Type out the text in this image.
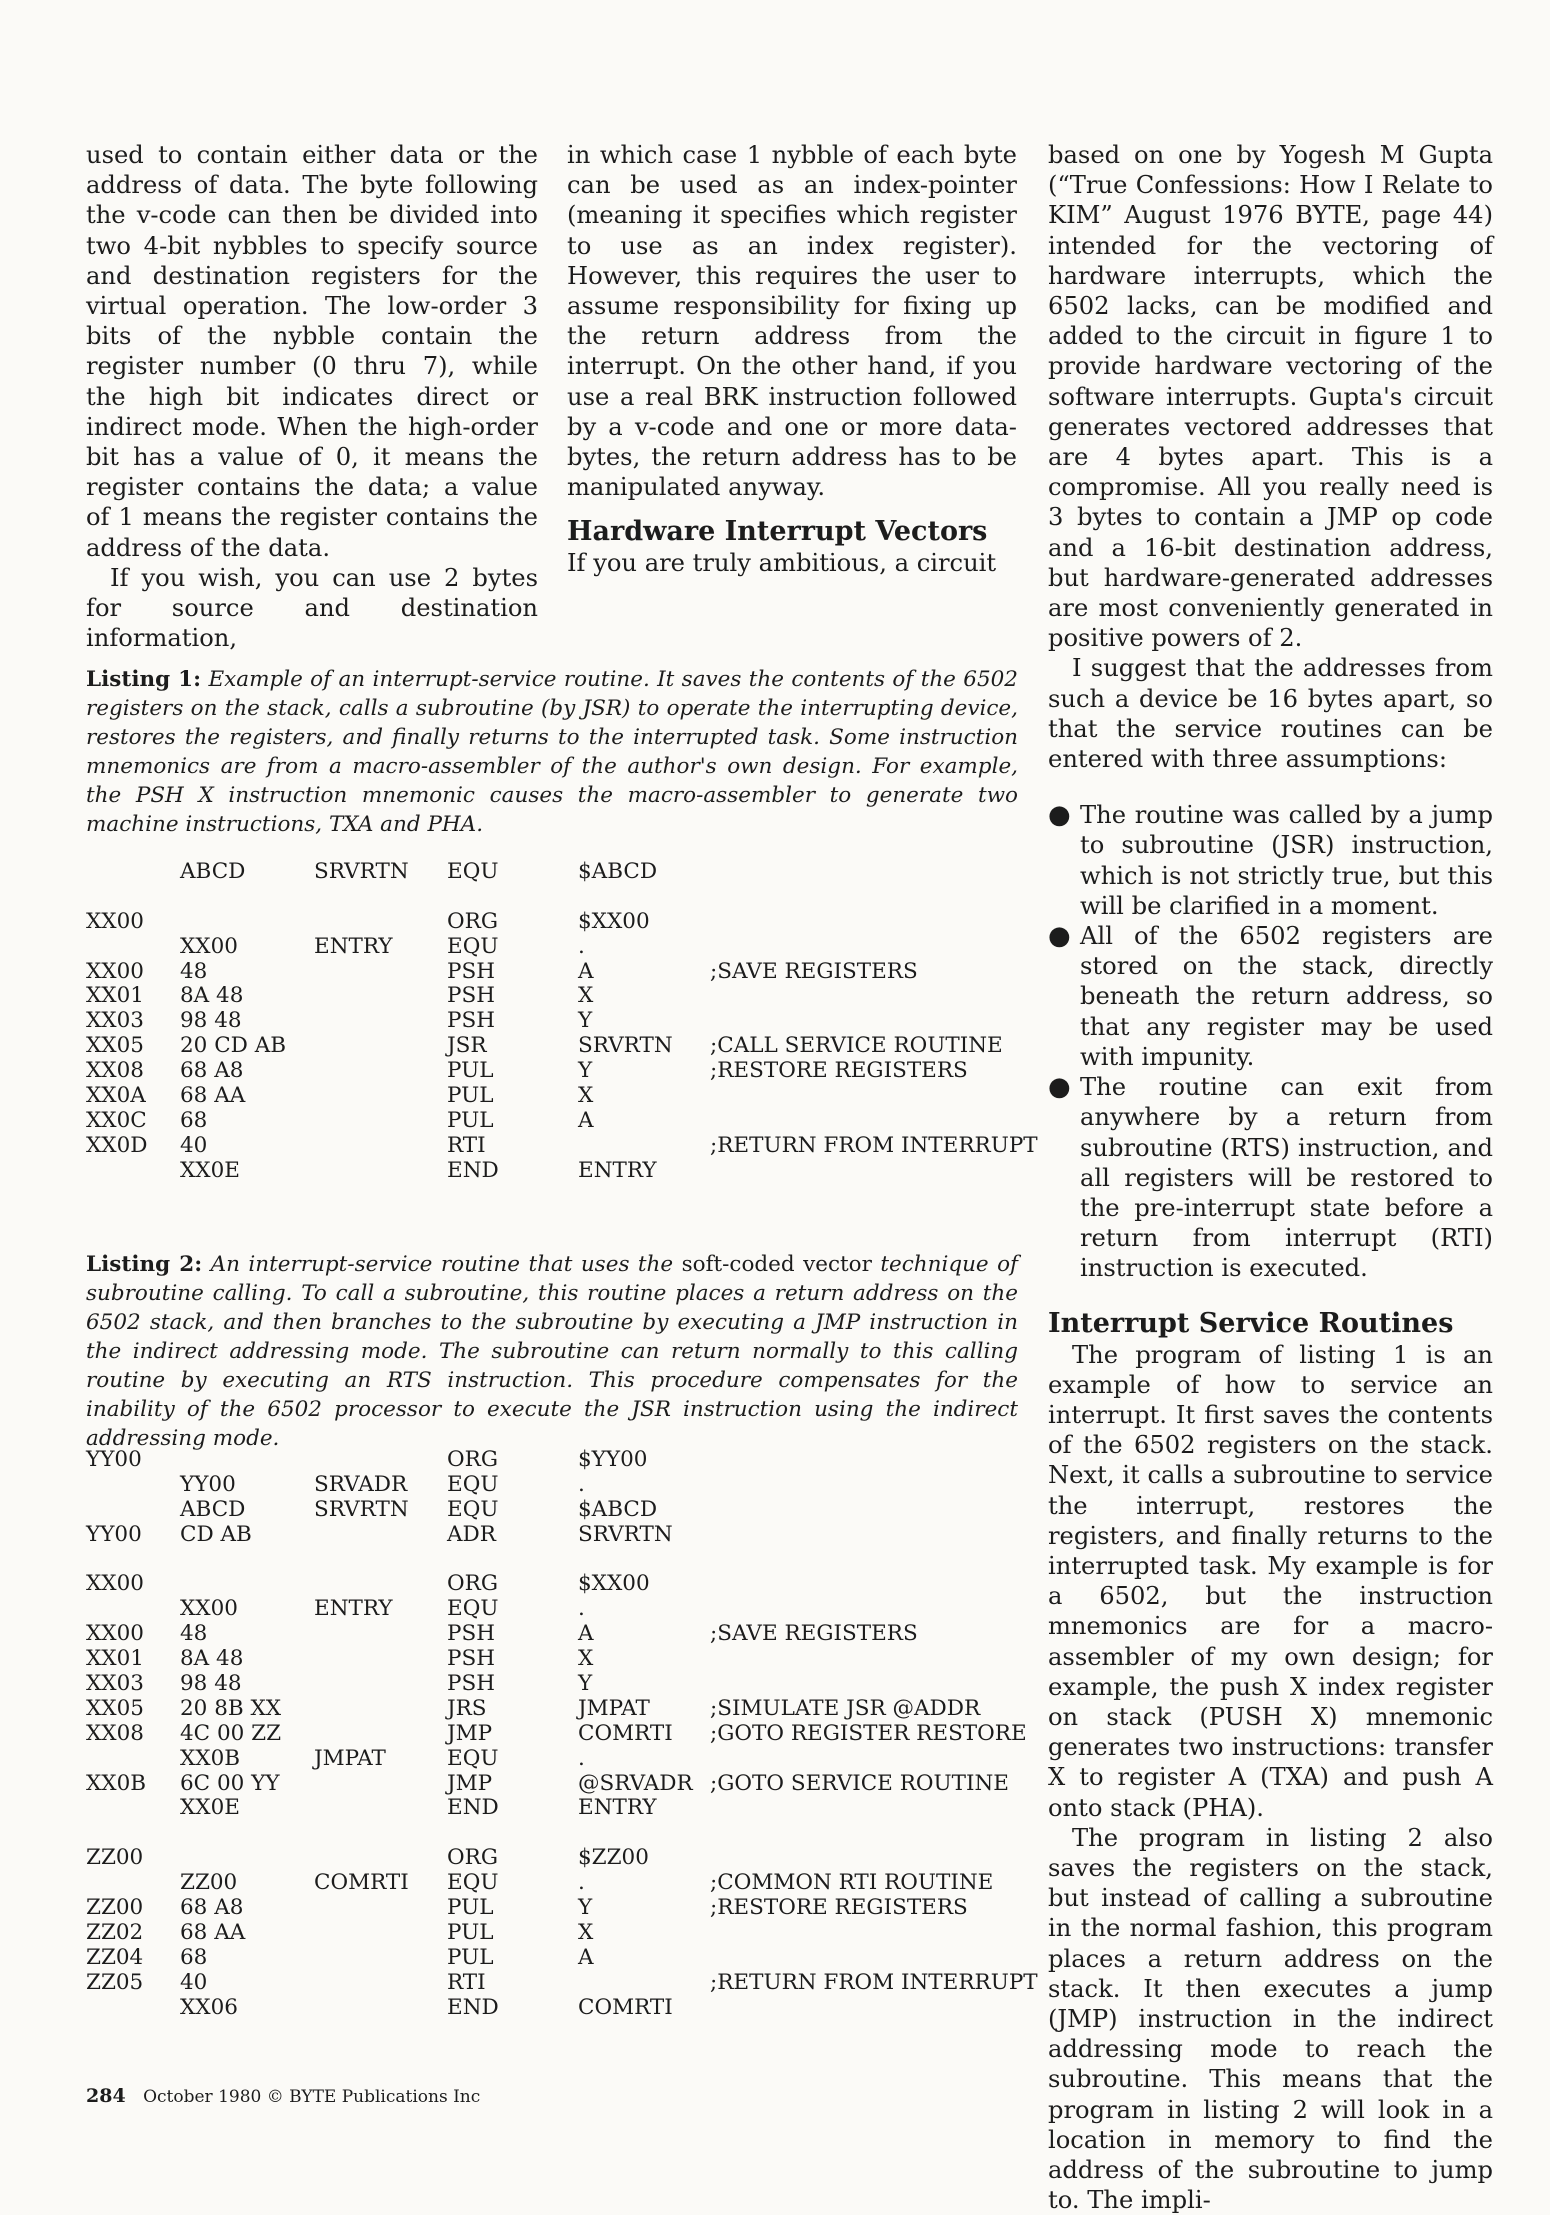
used to contain either data or the address of data. The byte following the v-code can then be divided into two 4-bit nybbles to specify source and destination registers for the virtual operation. The low-order 3 bits of the nybble contain the register number (0 thru 7), while the high bit indicates direct or indirect mode. When the high-order bit has a value of 0, it means the register contains the data; a value of 1 means the register contains the address of the data.

If you wish, you can use 2 bytes for source and destination information,

in which case 1 nybble of each byte can be used as an index-pointer (meaning it specifies which register to use as an index register). However, this requires the user to assume responsibility for fixing up the return address from the interrupt. On the other hand, if you use a real BRK instruction followed by a v-code and one or more data-bytes, the return address has to be manipulated anyway.

Hardware Interrupt Vectors

If you are truly ambitious, a circuit

based on one by Yogesh M Gupta (“True Confessions: How I Relate to KIM” August 1976 BYTE, page 44) intended for the vectoring of hardware interrupts, which the 6502 lacks, can be modified and added to the circuit in figure 1 to provide hardware vectoring of the software interrupts. Gupta's circuit generates vectored addresses that are 4 bytes apart. This is a compromise. All you really need is 3 bytes to contain a JMP op code and a 16-bit destination address, but hardware-generated addresses are most conveniently generated in positive powers of 2.

I suggest that the addresses from such a device be 16 bytes apart, so that the service routines can be entered with three assumptions:

● The routine was called by a jump to subroutine (JSR) instruction, which is not strictly true, but this will be clarified in a moment.
● All of the 6502 registers are stored on the stack, directly beneath the return address, so that any register may be used with impunity.
● The routine can exit from anywhere by a return from subroutine (RTS) instruction, and all registers will be restored to the pre-interrupt state before a return from interrupt (RTI) instruction is executed.
Interrupt Service Routines

The program of listing 1 is an example of how to service an interrupt. It first saves the contents of the 6502 registers on the stack. Next, it calls a subroutine to service the interrupt, restores the registers, and finally returns to the interrupted task. My example is for a 6502, but the instruction mnemonics are for a macro-assembler of my own design; for example, the push X index register on stack (PUSH X) mnemonic generates two instructions: transfer X to register A (TXA) and push A onto stack (PHA).

The program in listing 2 also saves the registers on the stack, but instead of calling a subroutine in the normal fashion, this program places a return address on the stack. It then executes a jump (JMP) instruction in the indirect addressing mode to reach the subroutine. This means that the program in listing 2 will look in a location in memory to find the address of the subroutine to jump to. The impli-

Listing 1: Example of an interrupt-service routine. It saves the contents of the 6502 registers on the stack, calls a subroutine (by JSR) to operate the interrupting device, restores the registers, and finally returns to the interrupted task. Some instruction mnemonics are from a macro-assembler of the author's own design. For example, the PSH X instruction mnemonic causes the macro-assembler to generate two machine instructions, TXA and PHA.
XX00
XX00
XX01
XX03
XX05
XX08
XX0A
XX0C
XX0D
ABCD
XX00
48
8A 48
98 48
20 CD AB
68 A8
68 AA
68
40
XX0E
SRVRTN
ENTRY
EQU
ORG
EQU
PSH
PSH
PSH
JSR
PUL
PUL
PUL
RTI
END
$ABCD
$XX00
.
A
X
Y
SRVRTN
Y
X
A
ENTRY
;SAVE REGISTERS
;CALL SERVICE ROUTINE
;RESTORE REGISTERS
;RETURN FROM INTERRUPT
Listing 2: An interrupt-service routine that uses the soft-coded vector technique of subroutine calling. To call a subroutine, this routine places a return address on the 6502 stack, and then branches to the subroutine by executing a JMP instruction in the indirect addressing mode. The subroutine can return normally to this calling routine by executing an RTS instruction. This procedure compensates for the inability of the 6502 processor to execute the JSR instruction using the indirect addressing mode.
YY00
YY00
XX00
XX00
XX01
XX03
XX05
XX08
XX0B
ZZ00
ZZ00
ZZ02
ZZ04
ZZ05
YY00
ABCD
CD AB
XX00
48
8A 48
98 48
20 8B XX
4C 00 ZZ
XX0B
6C 00 YY
XX0E
ZZ00
68 A8
68 AA
68
40
XX06
SRVADR
SRVRTN
ENTRY
JMPAT
COMRTI
ORG
EQU
EQU
ADR
ORG
EQU
PSH
PSH
PSH
JRS
JMP
EQU
JMP
END
ORG
EQU
PUL
PUL
PUL
RTI
END
$YY00
.
$ABCD
SRVRTN
$XX00
.
A
X
Y
JMPAT
COMRTI
.
@SRVADR
ENTRY
$ZZ00
.
Y
X
A
COMRTI
;SAVE REGISTERS
;SIMULATE JSR @ADDR
;GOTO REGISTER RESTORE
;GOTO SERVICE ROUTINE
;COMMON RTI ROUTINE
;RESTORE REGISTERS
;RETURN FROM INTERRUPT
284 October 1980 © BYTE Publications Inc
